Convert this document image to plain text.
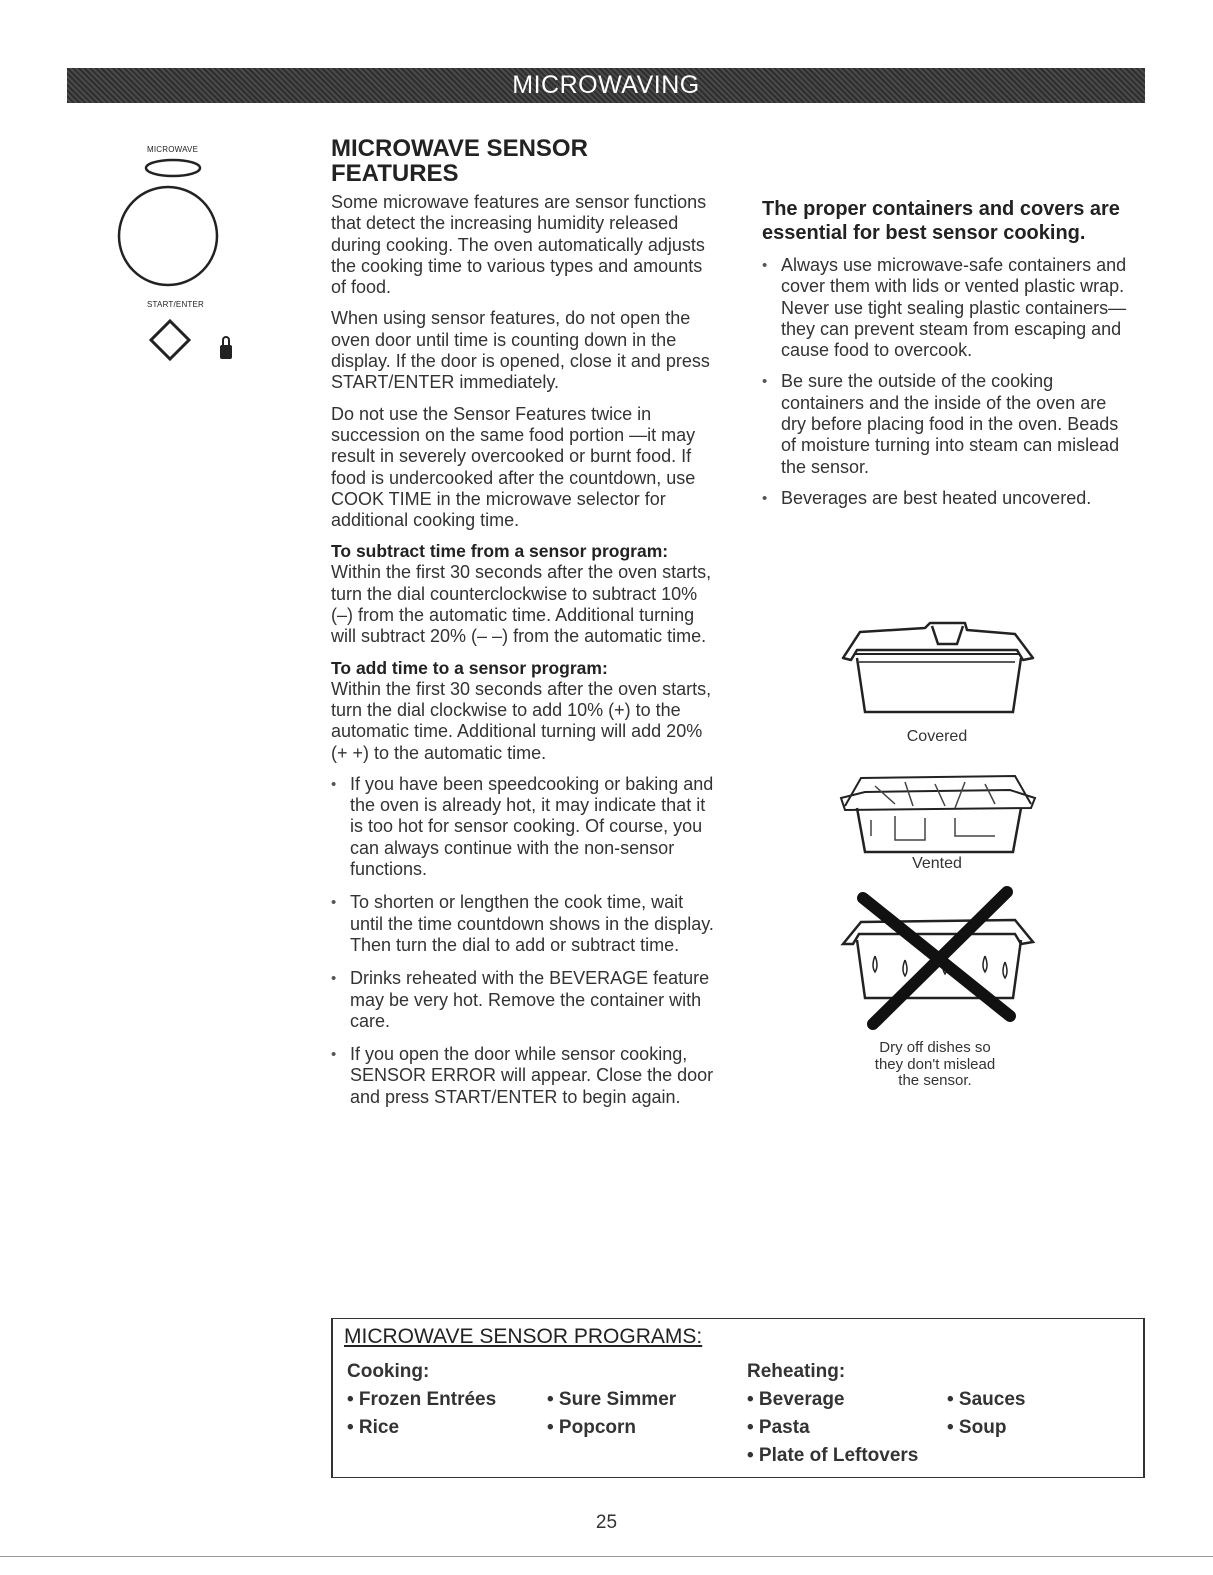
MICROWAVING
MICROWAVE
START/ENTER
MICROWAVE SENSOR
FEATURES

Some microwave features are sensor functions that detect the increasing humidity released during cooking. The oven automatically adjusts the cooking time to various types and amounts of food.

When using sensor features, do not open the oven door until time is counting down in the display. If the door is opened, close it and press START/ENTER immediately.

Do not use the Sensor Features twice in succession on the same food portion —it may result in severely overcooked or burnt food. If food is undercooked after the countdown, use COOK TIME in the microwave selector for additional cooking time.

To subtract time from a sensor program:

Within the first 30 seconds after the oven starts, turn the dial counterclockwise to subtract 10% (–) from the automatic time. Additional turning will subtract 20% (– –) from the automatic time.

To add time to a sensor program:

Within the first 30 seconds after the oven starts, turn the dial clockwise to add 10% (+) to the automatic time. Additional turning will add 20% (+ +) to the automatic time.

• If you have been speedcooking or baking and the oven is already hot, it may indicate that it is too hot for sensor cooking. Of course, you can always continue with the non-sensor functions.
• To shorten or lengthen the cook time, wait until the time countdown shows in the display. Then turn the dial to add or subtract time.
• Drinks reheated with the BEVERAGE feature may be very hot. Remove the container with care.
• If you open the door while sensor cooking, SENSOR ERROR will appear. Close the door and press START/ENTER to begin again.
The proper containers and covers are essential for best sensor cooking.
• Always use microwave-safe containers and cover them with lids or vented plastic wrap. Never use tight sealing plastic containers—they can prevent steam from escaping and cause food to overcook.
• Be sure the outside of the cooking containers and the inside of the oven are dry before placing food in the oven. Beads of moisture turning into steam can mislead the sensor.
• Beverages are best heated uncovered.
Covered
Vented
Dry off dishes so
they don't mislead
the sensor.
MICROWAVE SENSOR PROGRAMS:
Cooking:	Reheating:
• Frozen Entrées	• Sure Simmer
• Rice	• Popcorn
• Beverage	• Sauces
• Pasta	• Soup
• Plate of Leftovers
25
